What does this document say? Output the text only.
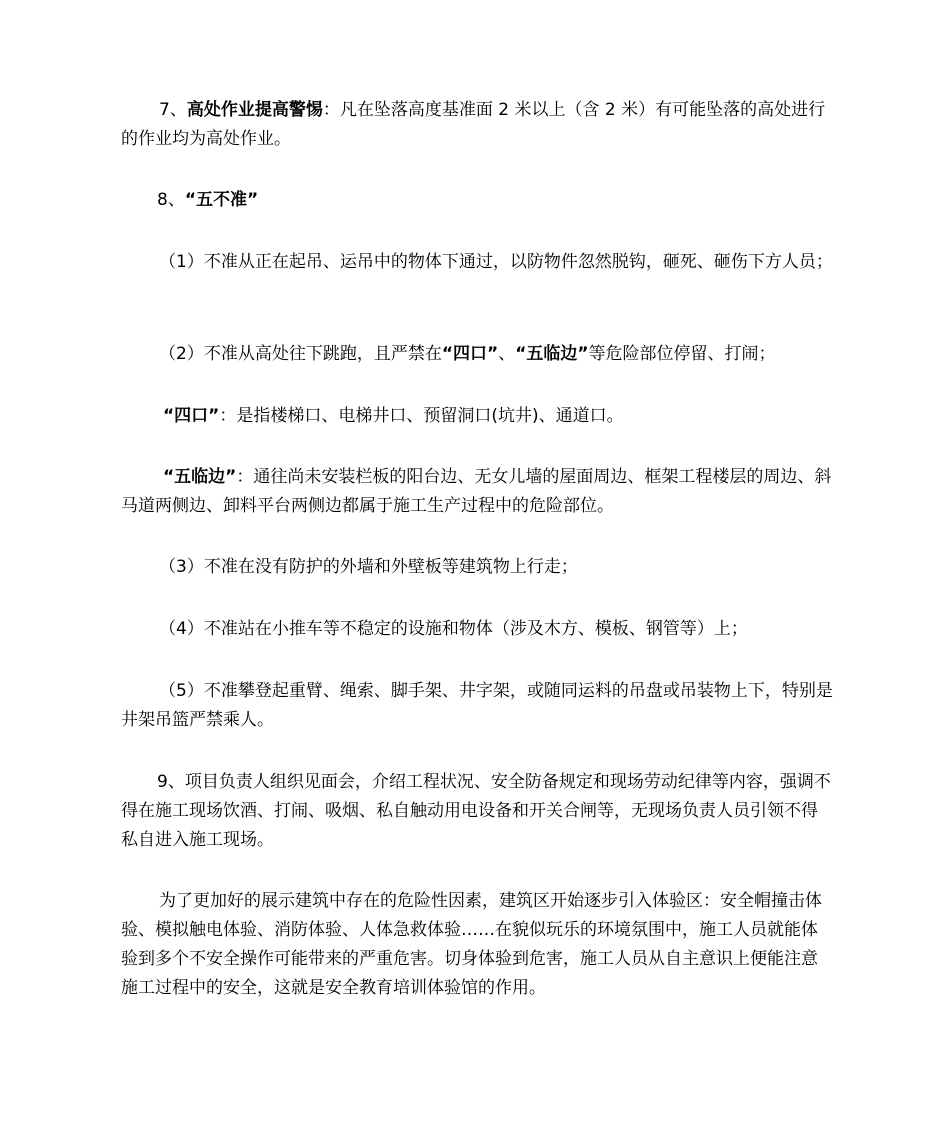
7、高处作业提高警惕：凡在坠落高度基准面 2 米以上（含 2 米）有可能坠落的高处进行的作业均为高处作业。

8、“五不准”

（1）不准从正在起吊、运吊中的物体下通过，以防物件忽然脱钩，砸死、砸伤下方人员；

（2）不准从高处往下跳跑，且严禁在“四口”、“五临边”等危险部位停留、打闹；

“四口”：是指楼梯口、电梯井口、预留洞口(坑井)、通道口。

“五临边”：通往尚未安装栏板的阳台边、无女儿墙的屋面周边、框架工程楼层的周边、斜马道两侧边、卸料平台两侧边都属于施工生产过程中的危险部位。

（3）不准在没有防护的外墙和外壁板等建筑物上行走；

（4）不准站在小推车等不稳定的设施和物体（涉及木方、模板、钢管等）上；

（5）不准攀登起重臂、绳索、脚手架、井字架，或随同运料的吊盘或吊装物上下，特别是井架吊篮严禁乘人。

9、项目负责人组织见面会，介绍工程状况、安全防备规定和现场劳动纪律等内容，强调不得在施工现场饮酒、打闹、吸烟、私自触动用电设备和开关合闸等，无现场负责人员引领不得私自进入施工现场。

为了更加好的展示建筑中存在的危险性因素，建筑区开始逐步引入体验区：安全帽撞击体验、模拟触电体验、消防体验、人体急救体验……在貌似玩乐的环境氛围中，施工人员就能体验到多个不安全操作可能带来的严重危害。切身体验到危害，施工人员从自主意识上便能注意施工过程中的安全，这就是安全教育培训体验馆的作用。
